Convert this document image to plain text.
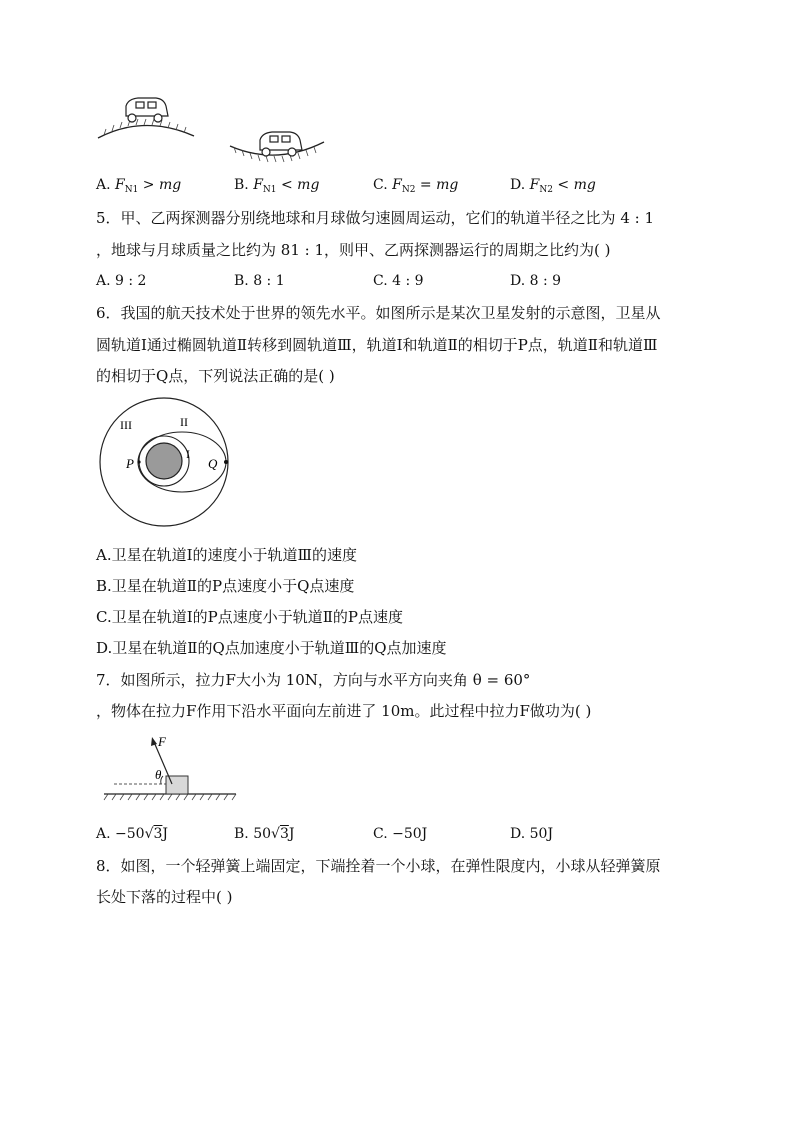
A. $F_{N1}$ > mg	B. $F_{N1}$ < mg	C. $F_{N2}$ = mg	D. $F_{N2}$ < mg
5．甲、乙两探测器分别绕地球和月球做匀速圆周运动，它们的轨道半径之比为 4 : 1
，地球与月球质量之比约为 81 : 1，则甲、乙两探测器运行的周期之比约为( )
A. 9 : 2	B. 8 : 1	C. 4 : 9	D. 8 : 9
6．我国的航天技术处于世界的领先水平。如图所示是某次卫星发射的示意图，卫星从
圆轨道Ⅰ通过椭圆轨道Ⅱ转移到圆轨道Ⅲ，轨道Ⅰ和轨道Ⅱ的相切于P点，轨道Ⅱ和轨道Ⅲ
的相切于Q点，下列说法正确的是( )
III	II
I
P	Q
A.卫星在轨道Ⅰ的速度小于轨道Ⅲ的速度
B.卫星在轨道Ⅱ的P点速度小于Q点速度
C.卫星在轨道Ⅰ的P点速度小于轨道Ⅱ的P点速度
D.卫星在轨道Ⅱ的Q点加速度小于轨道Ⅲ的Q点加速度
7．如图所示，拉力F大小为 10N，方向与水平方向夹角 θ = 60°
，物体在拉力F作用下沿水平面向左前进了 10m。此过程中拉力F做功为( )
F
θ
A. −50√3J	B. 50√3J	C. −50J	D. 50J
8．如图，一个轻弹簧上端固定，下端拴着一个小球，在弹性限度内，小球从轻弹簧原
长处下落的过程中( )
